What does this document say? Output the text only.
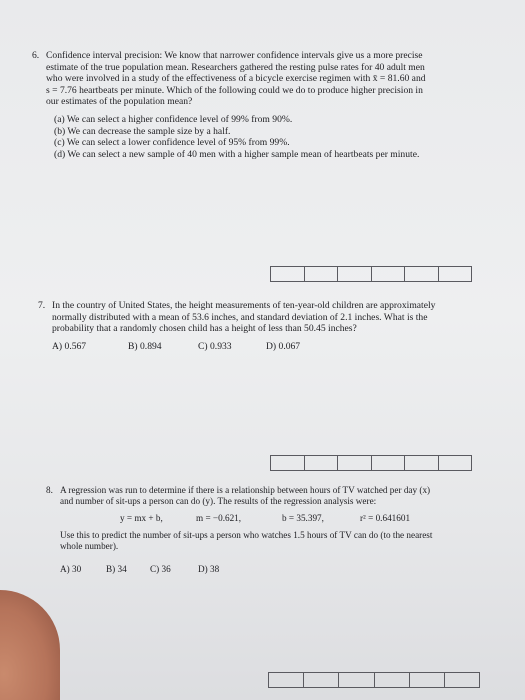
6. Confidence interval precision: We know that narrower confidence intervals give us a more precise

estimate of the true population mean. Researchers gathered the resting pulse rates for 40 adult men

who were involved in a study of the effectiveness of a bicycle exercise regimen with x̄ = 81.60 and

s = 7.76 heartbeats per minute. Which of the following could we do to produce higher precision in

our estimates of the population mean?

(a) We can select a higher confidence level of 99% from 90%.

(b) We can decrease the sample size by a half.

(c) We can select a lower confidence level of 95% from 99%.

(d) We can select a new sample of 40 men with a higher sample mean of heartbeats per minute.

7. In the country of United States, the height measurements of ten-year-old children are approximately

normally distributed with a mean of 53.6 inches, and standard deviation of 2.1 inches. What is the

probability that a randomly chosen child has a height of less than 50.45 inches?

A) 0.567	B) 0.894	C) 0.933	D) 0.067
8. A regression was run to determine if there is a relationship between hours of TV watched per day (x)

and number of sit-ups a person can do (y). The results of the regression analysis were:

y = mx + b,	m = −0.621,	b = 35.397,	r² = 0.641601

Use this to predict the number of sit-ups a person who watches 1.5 hours of TV can do (to the nearest

whole number).

A) 30	B) 34	C) 36	D) 38
